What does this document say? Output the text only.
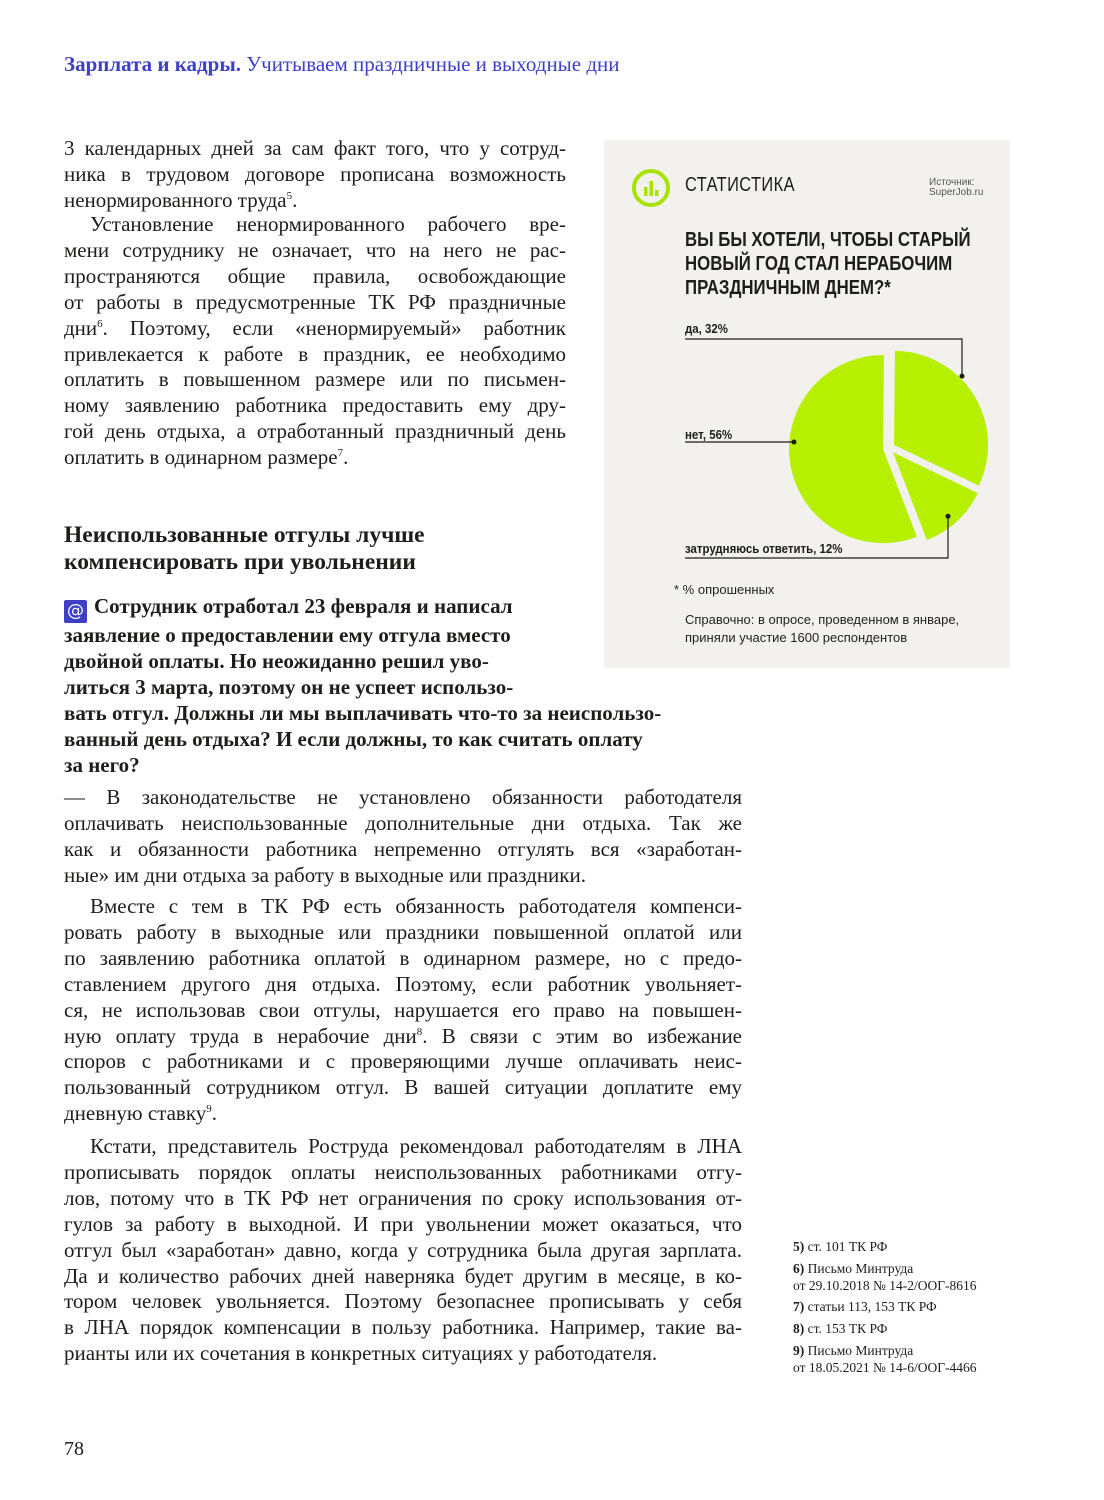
Зарплата и кадры. Учитываем праздничные и выходные дни
3 календарных дней за сам факт того, что у сотруд-
ника в трудовом договоре прописана возможность
ненормированного труда$^5$.
Установление ненормированного рабочего вре-
мени сотруднику не означает, что на него не рас-
пространяются общие правила, освобождающие
от работы в предусмотренные ТК РФ праздничные
дни$^6$. Поэтому, если «ненормируемый» работник
привлекается к работе в праздник, ее необходимо
оплатить в повышенном размере или по письмен-
ному заявлению работника предоставить ему дру-
гой день отдыха, а отработанный праздничный день
оплатить в одинарном размере$^7$.
Неиспользованные отгулы лучше
компенсировать при увольнении
@ Сотрудник отработал 23 февраля и написал
заявление о предоставлении ему отгула вместо
двойной оплаты. Но неожиданно решил уво-
литься 3 марта, поэтому он не успеет использо-
вать отгул. Должны ли мы выплачивать что-то за неиспользо-
ванный день отдыха? И если должны, то как считать оплату
за него?
— В законодательстве не установлено обязанности работодателя
оплачивать неиспользованные дополнительные дни отдыха. Так же
как и обязанности работника непременно отгулять вся «заработан-
ные» им дни отдыха за работу в выходные или праздники.
Вместе с тем в ТК РФ есть обязанность работодателя компенси-
ровать работу в выходные или праздники повышенной оплатой или
по заявлению работника оплатой в одинарном размере, но с предо-
ставлением другого дня отдыха. Поэтому, если работник увольняет-
ся, не использовав свои отгулы, нарушается его право на повышен-
ную оплату труда в нерабочие дни$^8$. В связи с этим во избежание
споров с работниками и с проверяющими лучше оплачивать неис-
пользованный сотрудником отгул. В вашей ситуации доплатите ему
дневную ставку$^9$.
Кстати, представитель Роструда рекомендовал работодателям в ЛНА
прописывать порядок оплаты неиспользованных работниками отгу-
лов, потому что в ТК РФ нет ограничения по сроку использования от-
гулов за работу в выходной. И при увольнении может оказаться, что
отгул был «заработан» давно, когда у сотрудника была другая зарплата.
Да и количество рабочих дней наверняка будет другим в месяце, в ко-
тором человек увольняется. Поэтому безопаснее прописывать у себя
в ЛНА порядок компенсации в пользу работника. Например, такие ва-
рианты или их сочетания в конкретных ситуациях у работодателя.
СТАТИСТИКА	Источник:
SuperJob.ru
ВЫ БЫ ХОТЕЛИ, ЧТОБЫ СТАРЫЙ
НОВЫЙ ГОД СТАЛ НЕРАБОЧИМ
ПРАЗДНИЧНЫМ ДНЕМ?*
да, 32%
нет, 56%
затрудняюсь ответить, 12%
* % опрошенных
Справочно: в опросе, проведенном в январе,
приняли участие 1600 респондентов
5) ст. 101 ТК РФ
6) Письмо Минтруда
от 29.10.2018 № 14-2/ООГ-8616
7) статьи 113, 153 ТК РФ
8) ст. 153 ТК РФ
9) Письмо Минтруда
от 18.05.2021 № 14-6/ООГ-4466
78
